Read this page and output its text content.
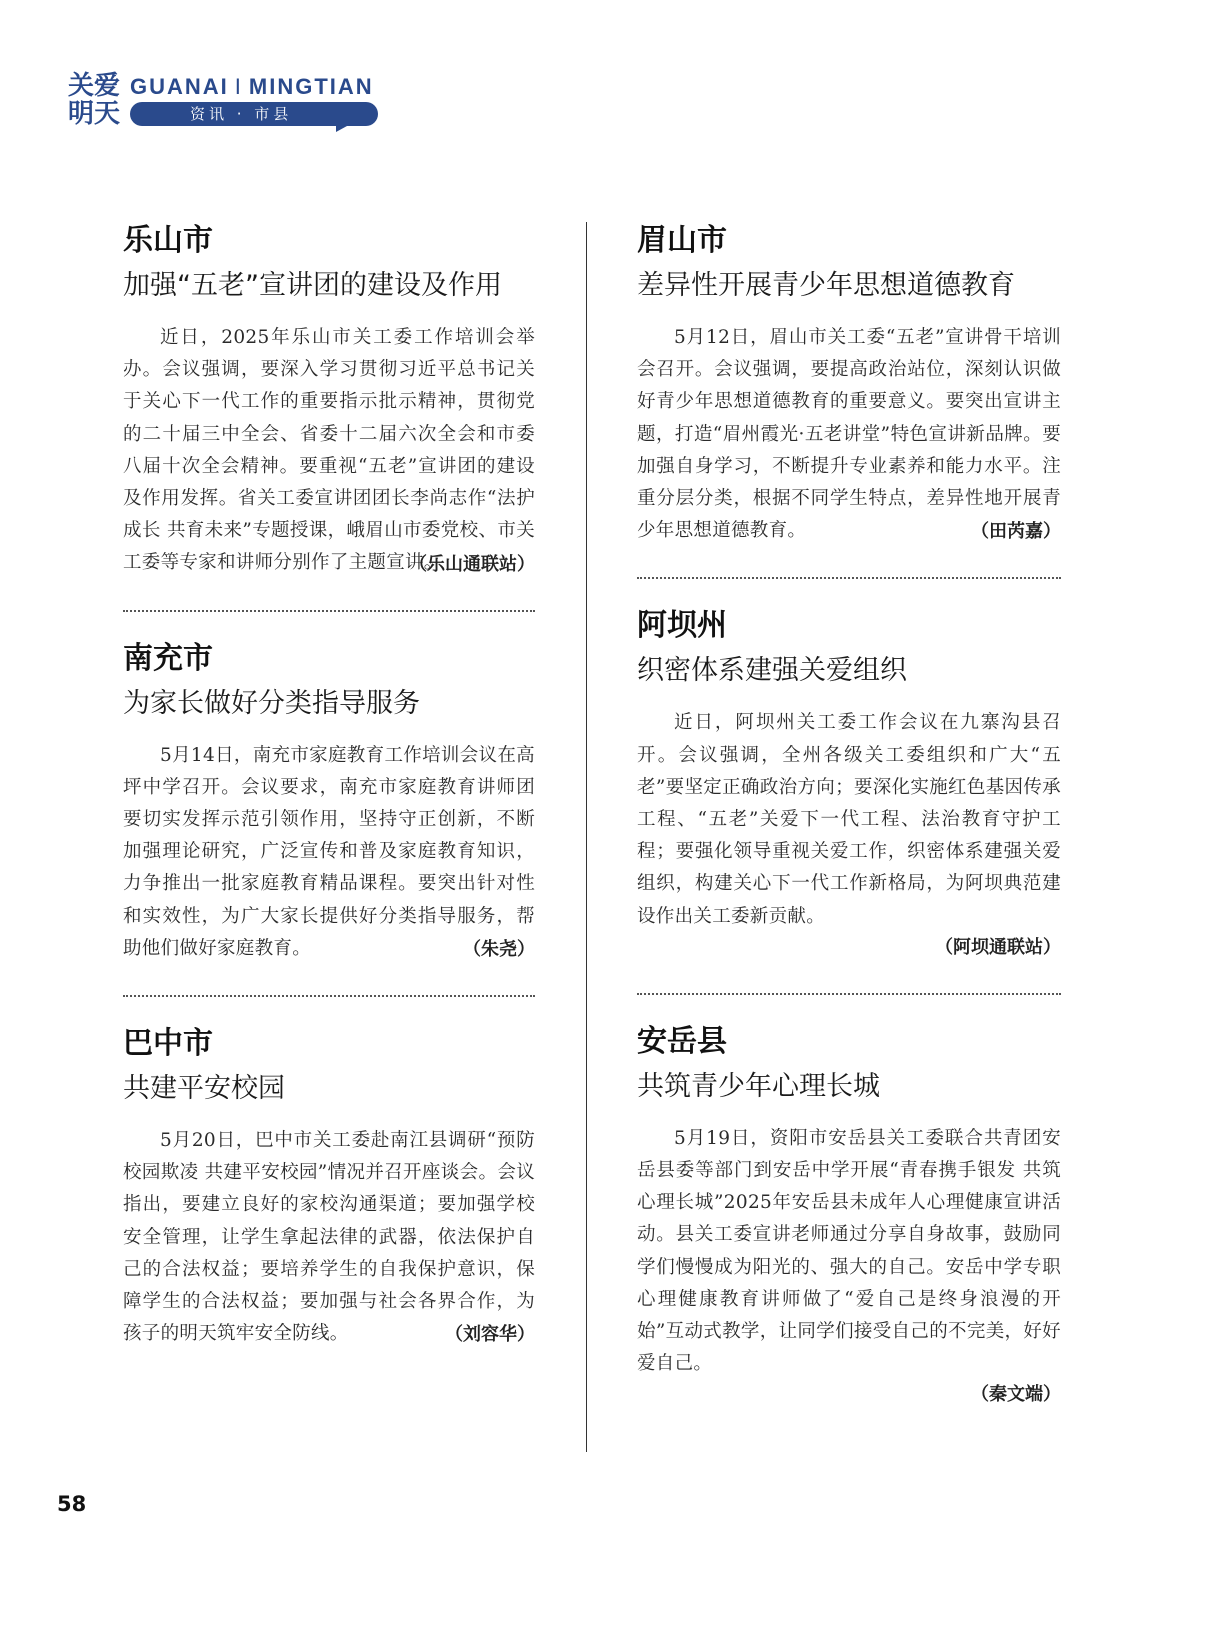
关爱
明天
GUANAI I MINGTIAN
资讯 · 市县
乐山市
加强“五老”宣讲团的建设及作用

近日，2025年乐山市关工委工作培训会举办。会议强调，要深入学习贯彻习近平总书记关于关心下一代工作的重要指示批示精神，贯彻党的二十届三中全会、省委十二届六次全会和市委八届十次全会精神。要重视“五老”宣讲团的建设及作用发挥。省关工委宣讲团团长李尚志作“法护成长 共育未来”专题授课，峨眉山市委党校、市关工委等专家和讲师分别作了主题宣讲。

（乐山通联站）

南充市
为家长做好分类指导服务

5月14日，南充市家庭教育工作培训会议在高坪中学召开。会议要求，南充市家庭教育讲师团要切实发挥示范引领作用，坚持守正创新，不断加强理论研究，广泛宣传和普及家庭教育知识，力争推出一批家庭教育精品课程。要突出针对性和实效性，为广大家长提供好分类指导服务，帮助他们做好家庭教育。	（朱尧）

巴中市
共建平安校园

5月20日，巴中市关工委赴南江县调研“预防校园欺凌 共建平安校园”情况并召开座谈会。会议指出，要建立良好的家校沟通渠道；要加强学校安全管理，让学生拿起法律的武器，依法保护自己的合法权益；要培养学生的自我保护意识，保障学生的合法权益；要加强与社会各界合作，为孩子的明天筑牢安全防线。	（刘容华）

眉山市
差异性开展青少年思想道德教育

5月12日，眉山市关工委“五老”宣讲骨干培训会召开。会议强调，要提高政治站位，深刻认识做好青少年思想道德教育的重要意义。要突出宣讲主题，打造“眉州霞光·五老讲堂”特色宣讲新品牌。要加强自身学习，不断提升专业素养和能力水平。注重分层分类，根据不同学生特点，差异性地开展青少年思想道德教育。	（田芮嘉）

阿坝州
织密体系建强关爱组织

近日，阿坝州关工委工作会议在九寨沟县召开。会议强调，全州各级关工委组织和广大“五老”要坚定正确政治方向；要深化实施红色基因传承工程、“五老”关爱下一代工程、法治教育守护工程；要强化领导重视关爱工作，织密体系建强关爱组织，构建关心下一代工作新格局，为阿坝典范建设作出关工委新贡献。

（阿坝通联站）

安岳县
共筑青少年心理长城

5月19日，资阳市安岳县关工委联合共青团安岳县委等部门到安岳中学开展“青春携手银发 共筑心理长城”2025年安岳县未成年人心理健康宣讲活动。县关工委宣讲老师通过分享自身故事，鼓励同学们慢慢成为阳光的、强大的自己。安岳中学专职心理健康教育讲师做了“爱自己是终身浪漫的开始”互动式教学，让同学们接受自己的不完美，好好爱自己。

（秦文端）

58
